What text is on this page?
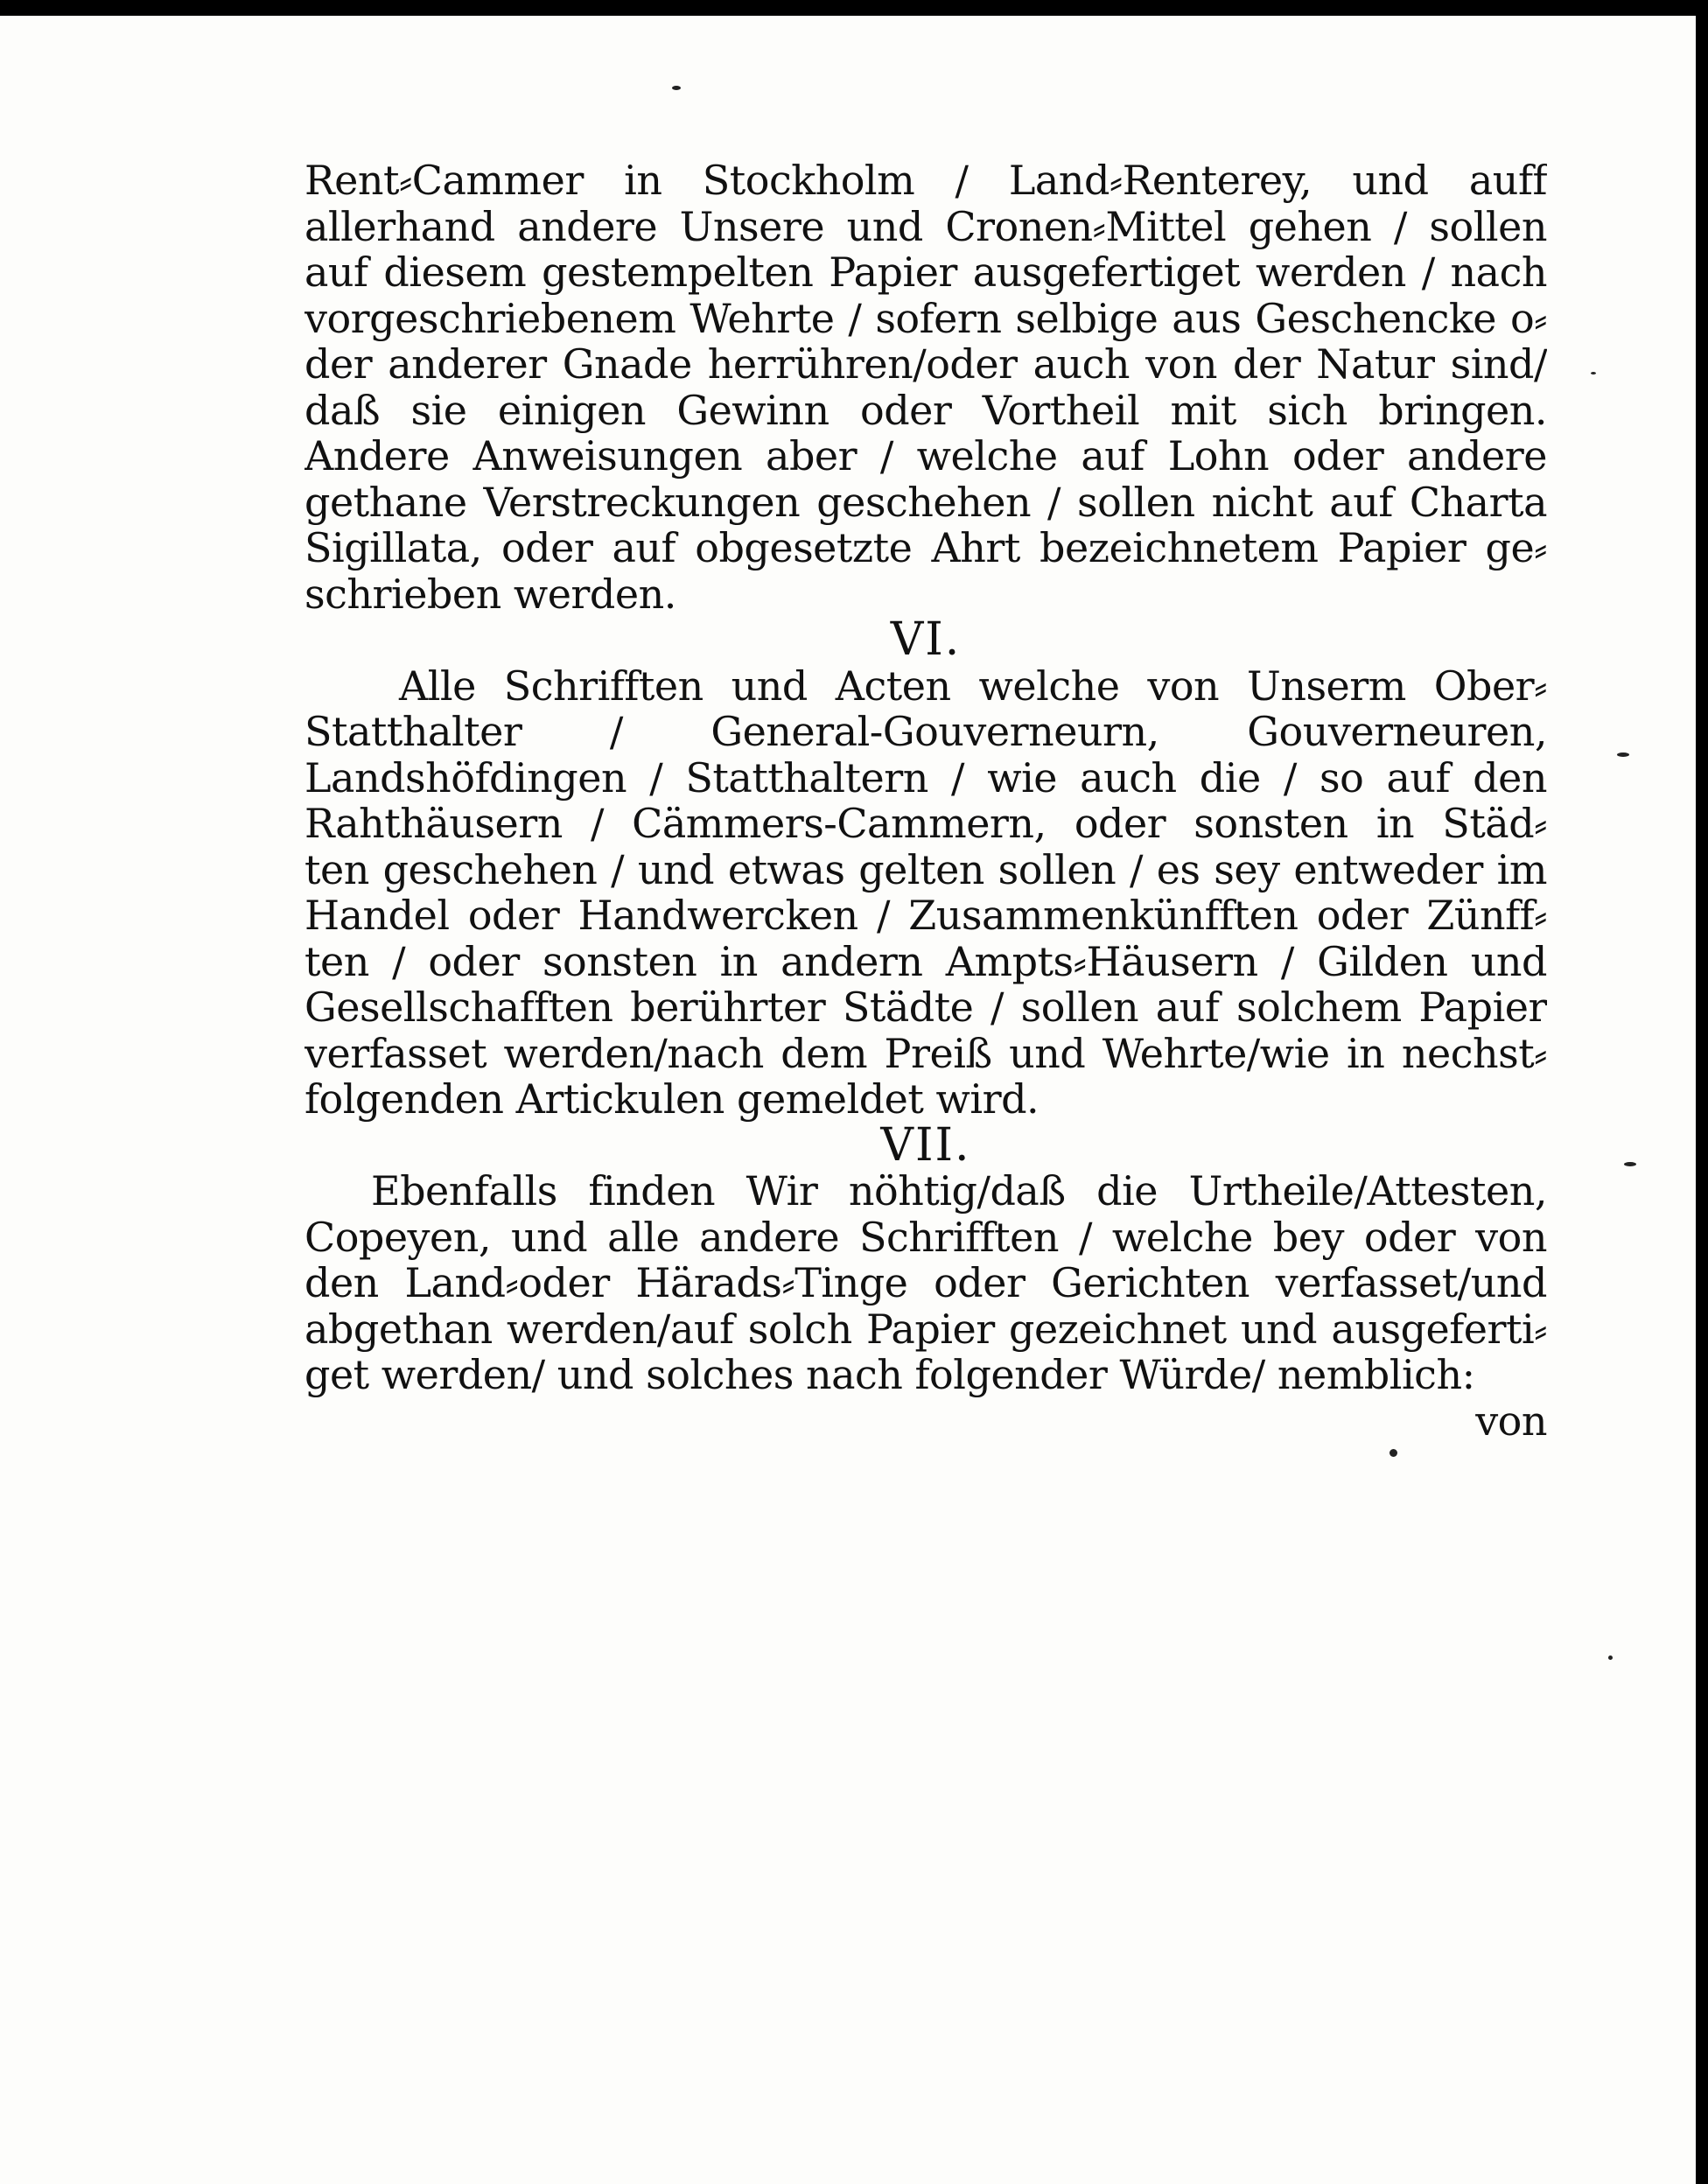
Rent⸗Cammer in Stockholm / Land⸗Renterey, und auff
allerhand andere Unsere und Cronen⸗Mittel gehen / sollen
auf diesem gestempelten Papier ausgefertiget werden / nach
vorgeschriebenem Wehrte / sofern selbige aus Geschencke o⸗
der anderer Gnade herrühren/oder auch von der Natur sind/
daß sie einigen Gewinn oder Vortheil mit sich bringen.
Andere Anweisungen aber / welche auf Lohn oder andere
gethane Verstreckungen geschehen / sollen nicht auf Charta
Sigillata, oder auf obgesetzte Ahrt bezeichnetem Papier ge⸗
schrieben werden.
VI.
Alle Schrifften und Acten welche von Unserm Ober⸗
Statthalter / General-Gouverneurn, Gouverneuren,
Landshöfdingen / Statthaltern / wie auch die / so auf den
Rahthäusern / Cämmers-Cammern, oder sonsten in Städ⸗
ten geschehen / und etwas gelten sollen / es sey entweder im
Handel oder Handwercken / Zusammenkünfften oder Zünff⸗
ten / oder sonsten in andern Ampts⸗Häusern / Gilden und
Gesellschafften berührter Städte / sollen auf solchem Papier
verfasset werden/nach dem Preiß und Wehrte/wie in nechst⸗
folgenden Artickulen gemeldet wird.
VII.
Ebenfalls finden Wir nöhtig/daß die Urtheile/Attesten,
Copeyen, und alle andere Schrifften / welche bey oder von
den Land⸗oder Härads⸗Tinge oder Gerichten verfasset/und
abgethan werden/auf solch Papier gezeichnet und ausgeferti⸗
get werden/ und solches nach folgender Würde/ nemblich:
von
